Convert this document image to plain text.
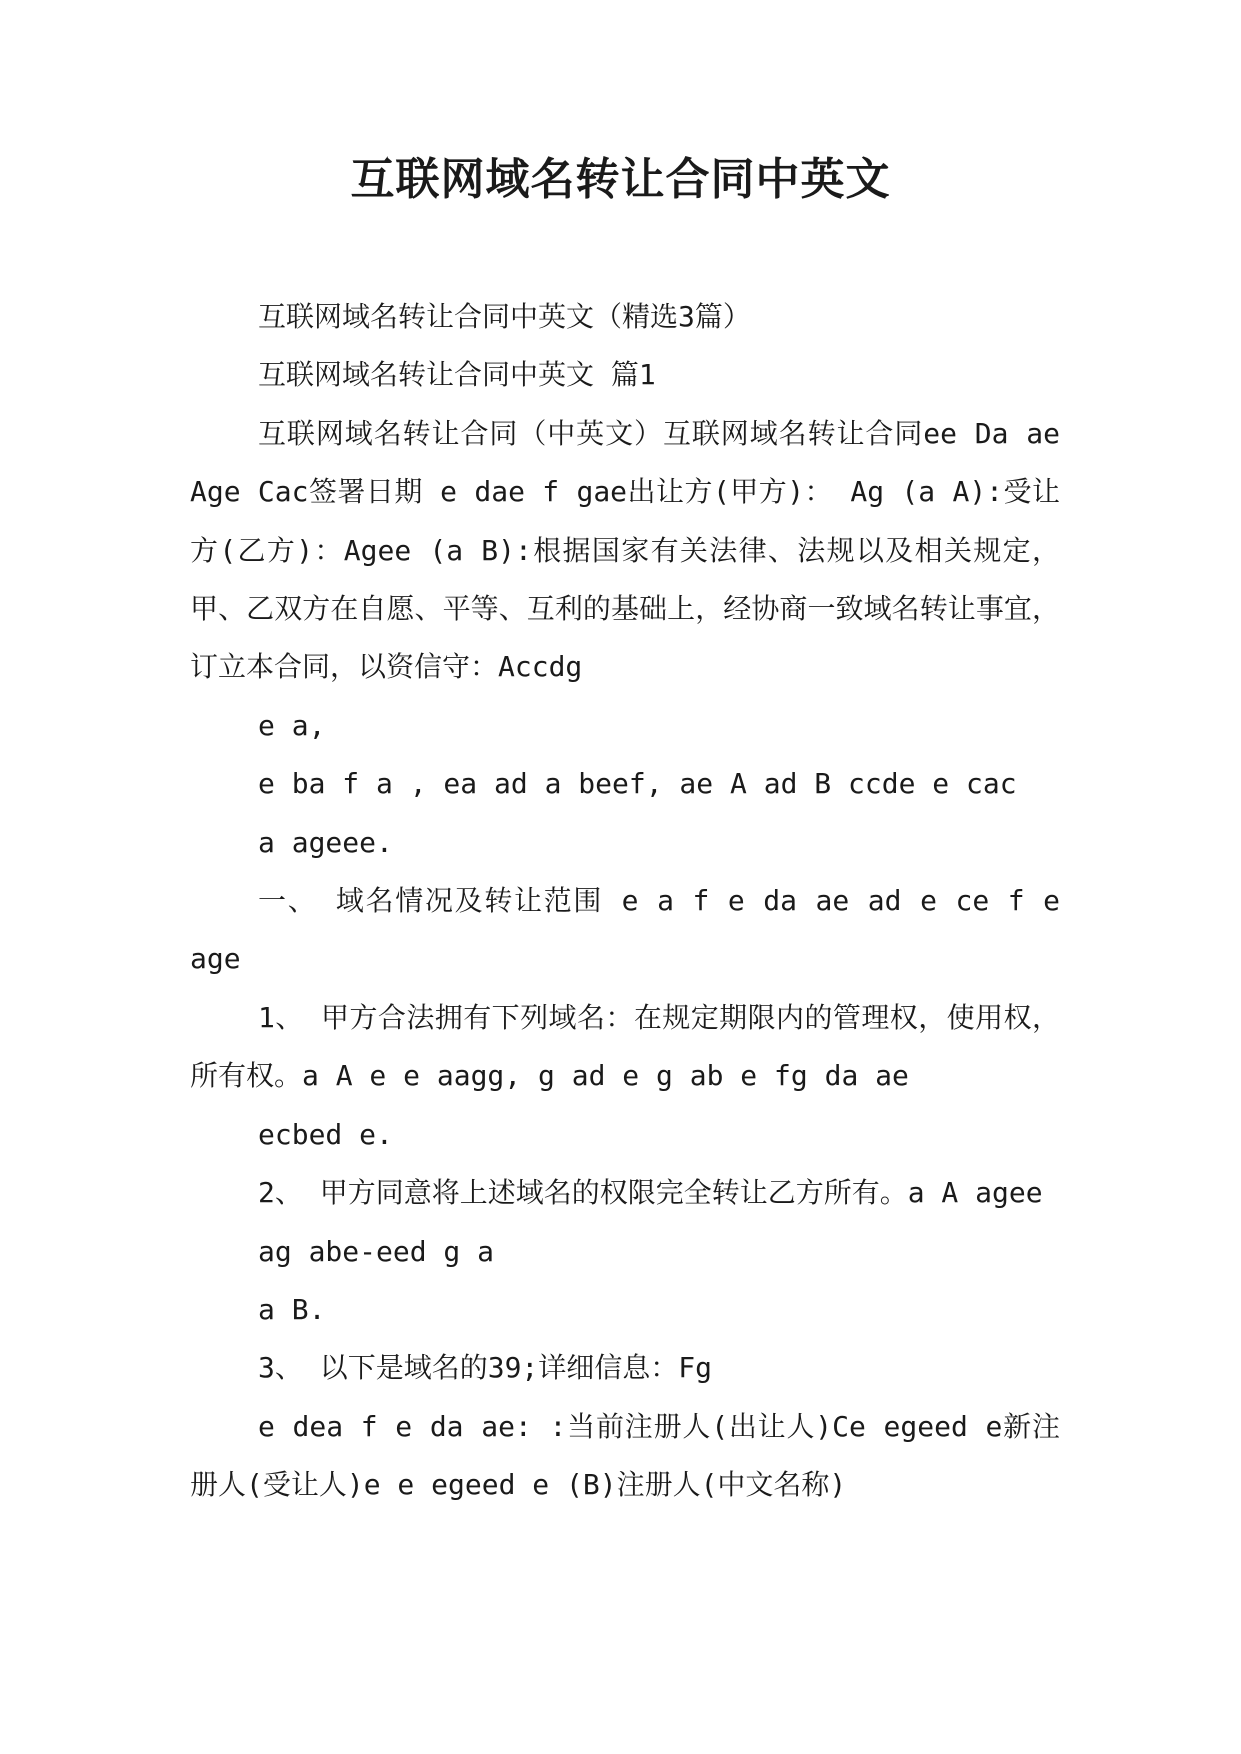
互联网域名转让合同中英文

互联网域名转让合同中英文（精选3篇）

互联网域名转让合同中英文 篇1

互联网域名转让合同（中英文）互联网域名转让合同ee Da ae Age Cac签署日期 e dae f gae出让方(甲方)： Ag (a A):受让方(乙方)：Agee (a B):根据国家有关法律、法规以及相关规定，甲、乙双方在自愿、平等、互利的基础上，经协商一致域名转让事宜，订立本合同，以资信守：Accdg

e a,

e ba f a , ea ad a beef, ae A ad B ccde e cac

a ageee.

一、 域名情况及转让范围 e a f e da ae ad e ce f e age

1、 甲方合法拥有下列域名：在规定期限内的管理权，使用权，所有权。a A e e aagg, g ad e g ab e fg da ae

ecbed e.

2、 甲方同意将上述域名的权限完全转让乙方所有。a A agee

ag abe-eed g a

a B.

3、 以下是域名的39;详细信息：Fg

e dea f e da ae: :当前注册人(出让人)Ce egeed e新注册人(受让人)e e egeed e (B)注册人(中文名称)
